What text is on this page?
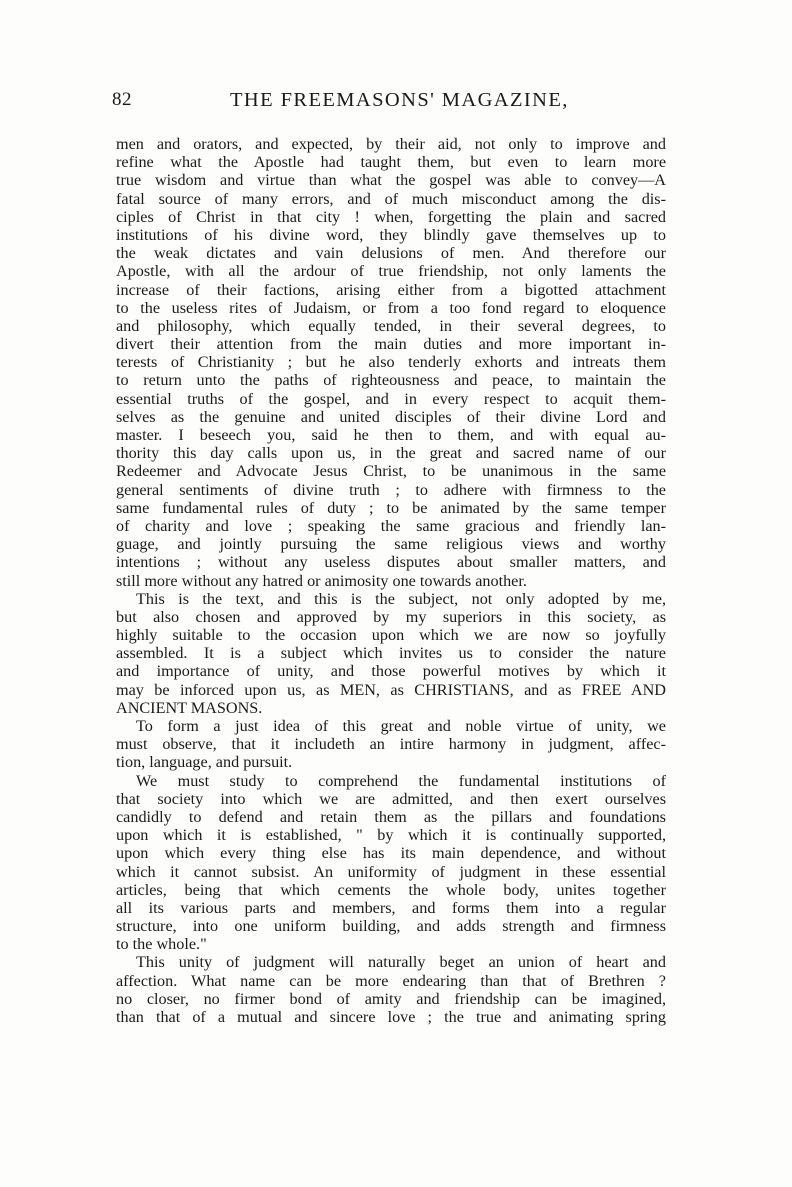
82	THE FREEMASONS' MAGAZINE,
men and orators, and expected, by their aid, not only to improve and
refine what the Apostle had taught them, but even to learn more
true wisdom and virtue than what the gospel was able to convey—A
fatal source of many errors, and of much misconduct among the dis-
ciples of Christ in that city ! when, forgetting the plain and sacred
institutions of his divine word, they blindly gave themselves up to
the weak dictates and vain delusions of men. And therefore our
Apostle, with all the ardour of true friendship, not only laments the
increase of their factions, arising either from a bigotted attachment
to the useless rites of Judaism, or from a too fond regard to eloquence
and philosophy, which equally tended, in their several degrees, to
divert their attention from the main duties and more important in-
terests of Christianity ; but he also tenderly exhorts and intreats them
to return unto the paths of righteousness and peace, to maintain the
essential truths of the gospel, and in every respect to acquit them-
selves as the genuine and united disciples of their divine Lord and
master. I beseech you, said he then to them, and with equal au-
thority this day calls upon us, in the great and sacred name of our
Redeemer and Advocate Jesus Christ, to be unanimous in the same
general sentiments of divine truth ; to adhere with firmness to the
same fundamental rules of duty ; to be animated by the same temper
of charity and love ; speaking the same gracious and friendly lan-
guage, and jointly pursuing the same religious views and worthy
intentions ; without any useless disputes about smaller matters, and
still more without any hatred or animosity one towards another.
This is the text, and this is the subject, not only adopted by me,
but also chosen and approved by my superiors in this society, as
highly suitable to the occasion upon which we are now so joyfully
assembled. It is a subject which invites us to consider the nature
and importance of unity, and those powerful motives by which it
may be inforced upon us, as MEN, as CHRISTIANS, and as FREE AND
ANCIENT MASONS.
To form a just idea of this great and noble virtue of unity, we
must observe, that it includeth an intire harmony in judgment, affec-
tion, language, and pursuit.
We must study to comprehend the fundamental institutions of
that society into which we are admitted, and then exert ourselves
candidly to defend and retain them as the pillars and foundations
upon which it is established, " by which it is continually supported,
upon which every thing else has its main dependence, and without
which it cannot subsist. An uniformity of judgment in these essential
articles, being that which cements the whole body, unites together
all its various parts and members, and forms them into a regular
structure, into one uniform building, and adds strength and firmness
to the whole."
This unity of judgment will naturally beget an union of heart and
affection. What name can be more endearing than that of Brethren ?
no closer, no firmer bond of amity and friendship can be imagined,
than that of a mutual and sincere love ; the true and animating spring
